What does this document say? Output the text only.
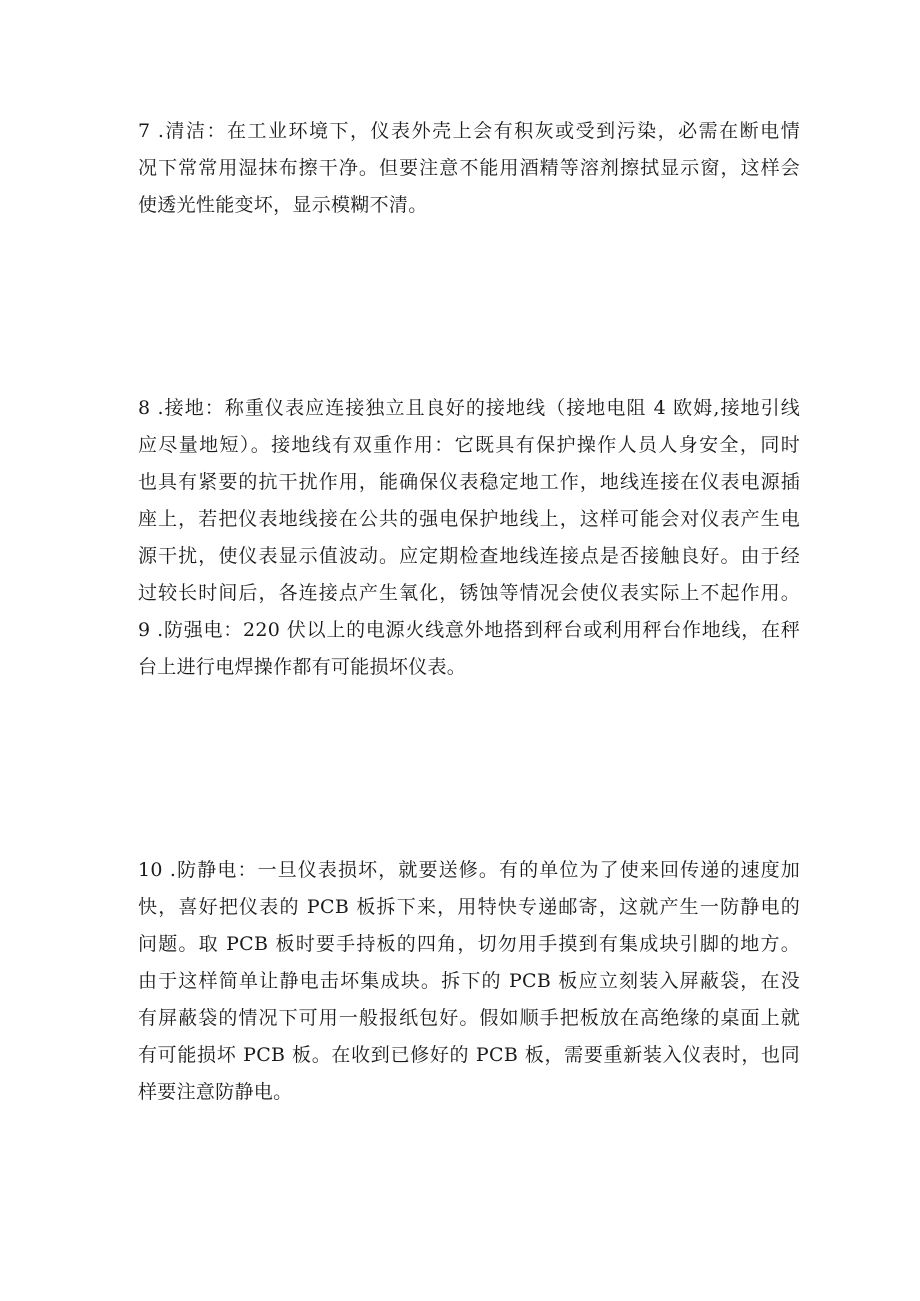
7 .清洁：在工业环境下，仪表外壳上会有积灰或受到污染，必需在断电情
况下常常用湿抹布擦干净。但要注意不能用酒精等溶剂擦拭显示窗，这样会
使透光性能变坏，显示模糊不清。
8 .接地：称重仪表应连接独立且良好的接地线（接地电阻 4 欧姆,接地引线
应尽量地短）。接地线有双重作用：它既具有保护操作人员人身安全，同时
也具有紧要的抗干扰作用，能确保仪表稳定地工作，地线连接在仪表电源插
座上，若把仪表地线接在公共的强电保护地线上，这样可能会对仪表产生电
源干扰，使仪表显示值波动。应定期检查地线连接点是否接触良好。由于经
过较长时间后，各连接点产生氧化，锈蚀等情况会使仪表实际上不起作用。
9 .防强电：220 伏以上的电源火线意外地搭到秤台或利用秤台作地线，在秤
台上进行电焊操作都有可能损坏仪表。
10 .防静电：一旦仪表损坏，就要送修。有的单位为了使来回传递的速度加
快，喜好把仪表的 PCB 板拆下来，用特快专递邮寄，这就产生一防静电的
问题。取 PCB 板时要手持板的四角，切勿用手摸到有集成块引脚的地方。
由于这样简单让静电击坏集成块。拆下的 PCB 板应立刻装入屏蔽袋，在没
有屏蔽袋的情况下可用一般报纸包好。假如顺手把板放在高绝缘的桌面上就
有可能损坏 PCB 板。在收到已修好的 PCB 板，需要重新装入仪表时，也同
样要注意防静电。
